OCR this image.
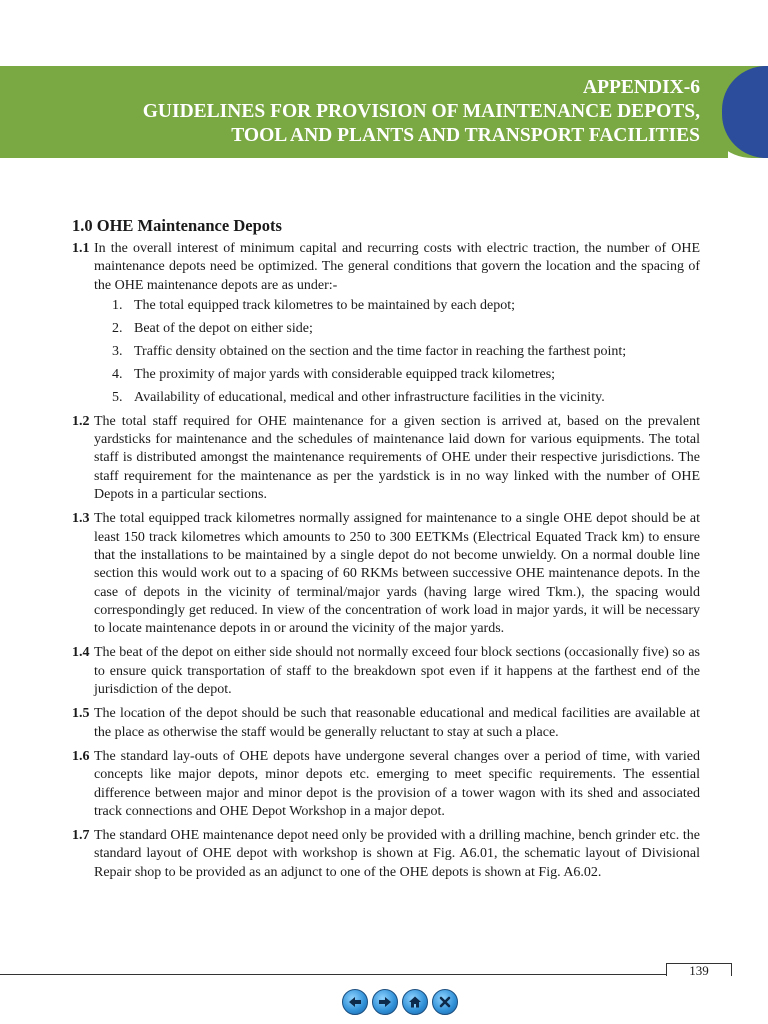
APPENDIX-6
GUIDELINES FOR PROVISION OF MAINTENANCE DEPOTS,
TOOL AND PLANTS AND TRANSPORT FACILITIES
1.0 OHE Maintenance Depots
1.1 In the overall interest of minimum capital and recurring costs with electric traction, the number of OHE maintenance depots need be optimized. The general conditions that govern the location and the spacing of the OHE maintenance depots are as under:-
1. The total equipped track kilometres to be maintained by each depot;
2. Beat of the depot on either side;
3. Traffic density obtained on the section and the time factor in reaching the farthest point;
4. The proximity of major yards with considerable equipped track kilometres;
5. Availability of educational, medical and other infrastructure facilities in the vicinity.
1.2 The total staff required for OHE maintenance for a given section is arrived at, based on the prevalent yardsticks for maintenance and the schedules of maintenance laid down for various equipments. The total staff is distributed amongst the maintenance requirements of OHE under their respective jurisdictions. The staff requirement for the maintenance as per the yardstick is in no way linked with the number of OHE Depots in a particular sections.
1.3 The total equipped track kilometres normally assigned for maintenance to a single OHE depot should be at least 150 track kilometres which amounts to 250 to 300 EETKMs (Electrical Equated Track km) to ensure that the installations to be maintained by a single depot do not become unwieldy. On a normal double line section this would work out to a spacing of 60 RKMs between successive OHE maintenance depots. In the case of depots in the vicinity of terminal/major yards (having large wired Tkm.), the spacing would correspondingly get reduced. In view of the concentration of work load in major yards, it will be necessary to locate maintenance depots in or around the vicinity of the major yards.
1.4 The beat of the depot on either side should not normally exceed four block sections (occasionally five) so as to ensure quick transportation of staff to the breakdown spot even if it happens at the farthest end of the jurisdiction of the depot.
1.5 The location of the depot should be such that reasonable educational and medical facilities are available at the place as otherwise the staff would be generally reluctant to stay at such a place.
1.6 The standard lay-outs of OHE depots have undergone several changes over a period of time, with varied concepts like major depots, minor depots etc. emerging to meet specific requirements. The essential difference between major and minor depot is the provision of a tower wagon with its shed and associated track connections and OHE Depot Workshop in a major depot.
1.7 The standard OHE maintenance depot need only be provided with a drilling machine, bench grinder etc. the standard layout of OHE depot with workshop is shown at Fig. A6.01, the schematic layout of Divisional Repair shop to be provided as an adjunct to one of the OHE depots is shown at Fig. A6.02.
139
